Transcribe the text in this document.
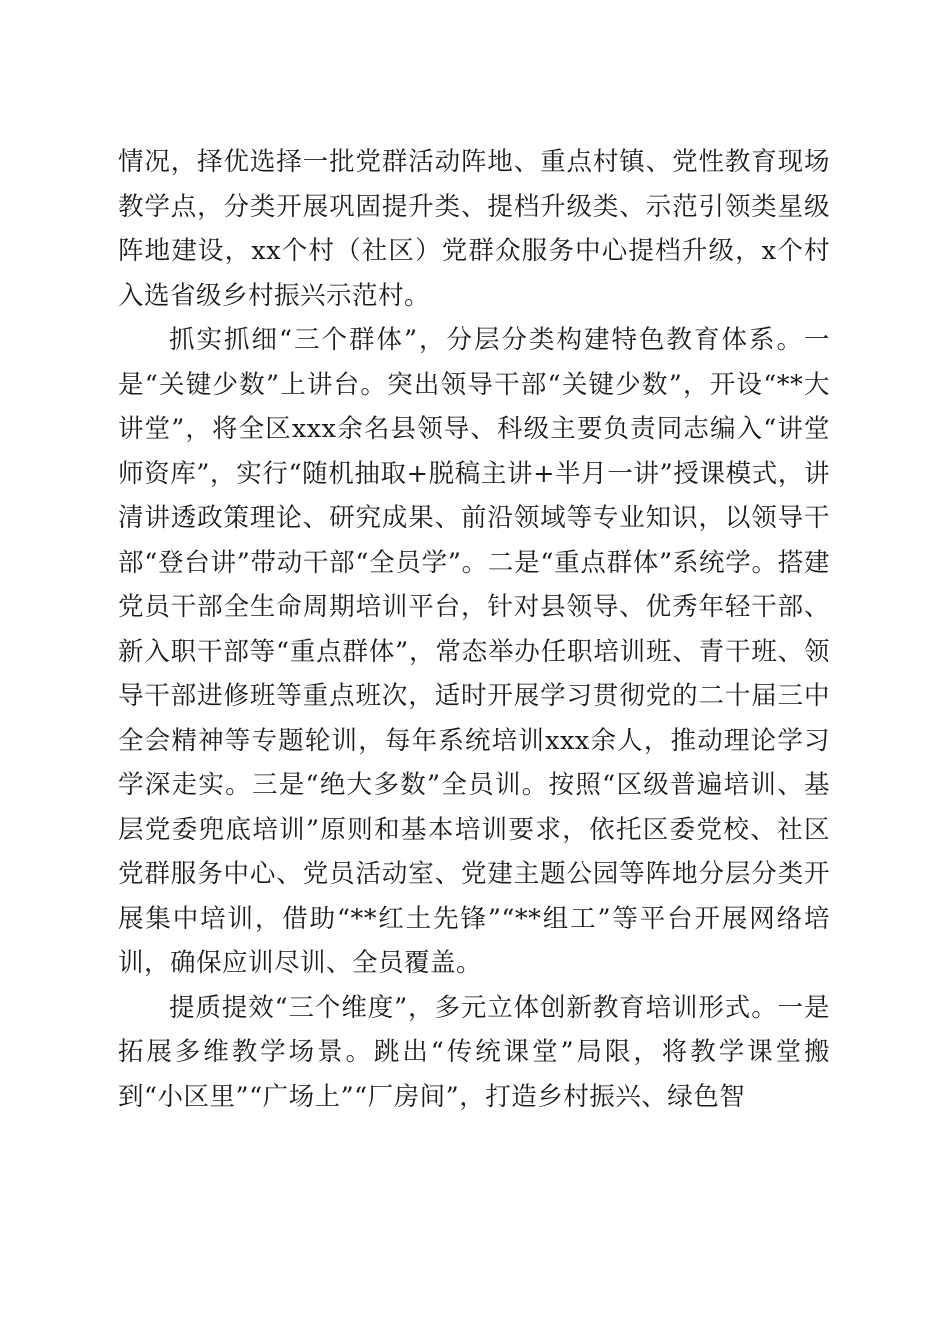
情况，择优选择一批党群活动阵地、重点村镇、党性教育现场教学点，分类开展巩固提升类、提档升级类、示范引领类星级阵地建设，xx个村（社区）党群众服务中心提档升级，x个村入选省级乡村振兴示范村。

抓实抓细“三个群体”，分层分类构建特色教育体系。一是“关键少数”上讲台。突出领导干部“关键少数”，开设“**大讲堂”，将全区xxx余名县领导、科级主要负责同志编入“讲堂师资库”，实行“随机抽取+脱稿主讲+半月一讲”授课模式，讲清讲透政策理论、研究成果、前沿领域等专业知识，以领导干部“登台讲”带动干部“全员学”。二是“重点群体”系统学。搭建党员干部全生命周期培训平台，针对县领导、优秀年轻干部、新入职干部等“重点群体”，常态举办任职培训班、青干班、领导干部进修班等重点班次，适时开展学习贯彻党的二十届三中全会精神等专题轮训，每年系统培训xxx余人，推动理论学习学深走实。三是“绝大多数”全员训。按照“区级普遍培训、基层党委兜底培训”原则和基本培训要求，依托区委党校、社区党群服务中心、党员活动室、党建主题公园等阵地分层分类开展集中培训，借助“**红土先锋”“**组工”等平台开展网络培训，确保应训尽训、全员覆盖。

提质提效“三个维度”，多元立体创新教育培训形式。一是拓展多维教学场景。跳出“传统课堂”局限，将教学课堂搬到“小区里”“广场上”“厂房间”，打造乡村振兴、绿色智
